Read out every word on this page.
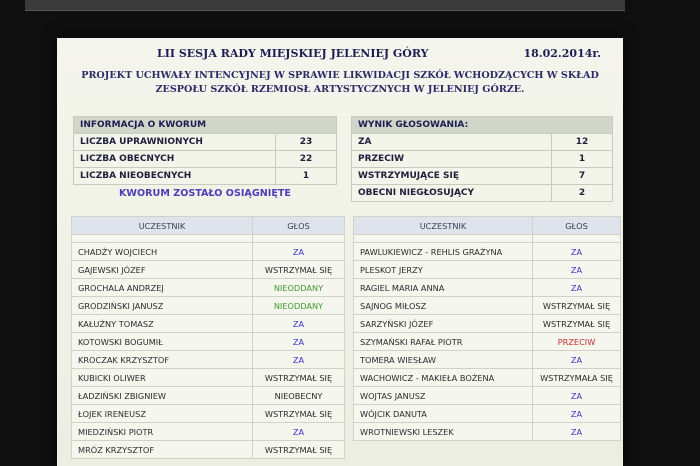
LII SESJA RADY MIEJSKIEJ JELENIEJ GÓRY	18.02.2014r.
PROJEKT UCHWAŁY INTENCYJNEJ W SPRAWIE LIKWIDACJI SZKÓŁ WCHODZĄCYCH W SKŁAD
ZESPOŁU SZKÓŁ RZEMIOSŁ ARTYSTYCZNYCH W JELENIEJ GÓRZE.
INFORMACJA O KWORUM	
LICZBA UPRAWNIONYCH	23
LICZBA OBECNYCH	22
LICZBA NIEOBECNYCH	1
KWORUM ZOSTAŁO OSIĄGNIĘTE
WYNIK GŁOSOWANIA:	
ZA	12
PRZECIW	1
WSTRZYMUJĄCE SIĘ	7
OBECNI NIEGŁOSUJĄCY	2
UCZESTNIK	GŁOS

CHADŻY WOJCIECH	ZA
GAJEWSKI JÓZEF	WSTRZYMAŁ SIĘ
GROCHALA ANDRZEJ	NIEODDANY
GRODZIŃSKI JANUSZ	NIEODDANY
KAŁUŻNY TOMASZ	ZA
KOTOWSKI BOGUMIŁ	ZA
KROCZAK KRZYSZTOF	ZA
KUBICKI OLIWER	WSTRZYMAŁ SIĘ
ŁADZIŃSKI ZBIGNIEW	NIEOBECNY
ŁOJEK IRENEUSZ	WSTRZYMAŁ SIĘ
MIEDZIŃSKI PIOTR	ZA
MRÓZ KRZYSZTOF	WSTRZYMAŁ SIĘ
UCZESTNIK	GŁOS

PAWLUKIEWICZ - REHLIS GRAŻYNA	ZA
PLESKOT JERZY	ZA
RAGIEL MARIA ANNA	ZA
SAJNOG MIŁOSZ	WSTRZYMAŁ SIĘ
SARZYŃSKI JÓZEF	WSTRZYMAŁ SIĘ
SZYMAŃSKI RAFAŁ PIOTR	PRZECIW
TOMERA WIESŁAW	ZA
WACHOWICZ - MAKIEŁA BOŻENA	WSTRZYMAŁA SIĘ
WOJTAS JANUSZ	ZA
WÓJCIK DANUTA	ZA
WROTNIEWSKI LESZEK	ZA
